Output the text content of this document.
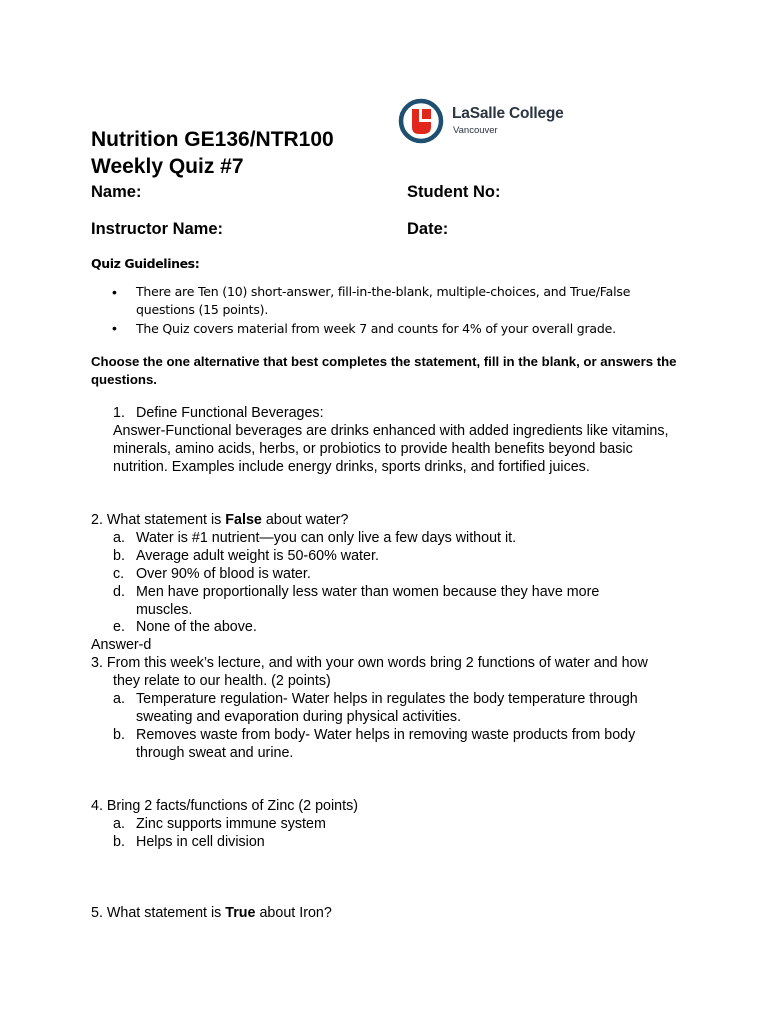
LaSalle College
Vancouver
Nutrition GE136/NTR100
Weekly Quiz #7
Name:	Student No:
Instructor Name:	Date:
Quiz Guidelines:
• There are Ten (10) short-answer, fill-in-the-blank, multiple-choices, and True/False questions (15 points).
• The Quiz covers material from week 7 and counts for 4% of your overall grade.
Choose the one alternative that best completes the statement, fill in the blank, or answers the questions.
1. Define Functional Beverages:
Answer-Functional beverages are drinks enhanced with added ingredients like vitamins, minerals, amino acids, herbs, or probiotics to provide health benefits beyond basic nutrition. Examples include energy drinks, sports drinks, and fortified juices.
2. What statement is False about water?
a. Water is #1 nutrient—you can only live a few days without it.
b. Average adult weight is 50-60% water.
c. Over 90% of blood is water.
d. Men have proportionally less water than women because they have more muscles.
e. None of the above.
Answer-d
3. From this week’s lecture, and with your own words bring 2 functions of water and how
they relate to our health. (2 points)
a. Temperature regulation- Water helps in regulates the body temperature through sweating and evaporation during physical activities.
b. Removes waste from body- Water helps in removing waste products from body through sweat and urine.
4. Bring 2 facts/functions of Zinc (2 points)
a. Zinc supports immune system
b. Helps in cell division
5. What statement is True about Iron?
